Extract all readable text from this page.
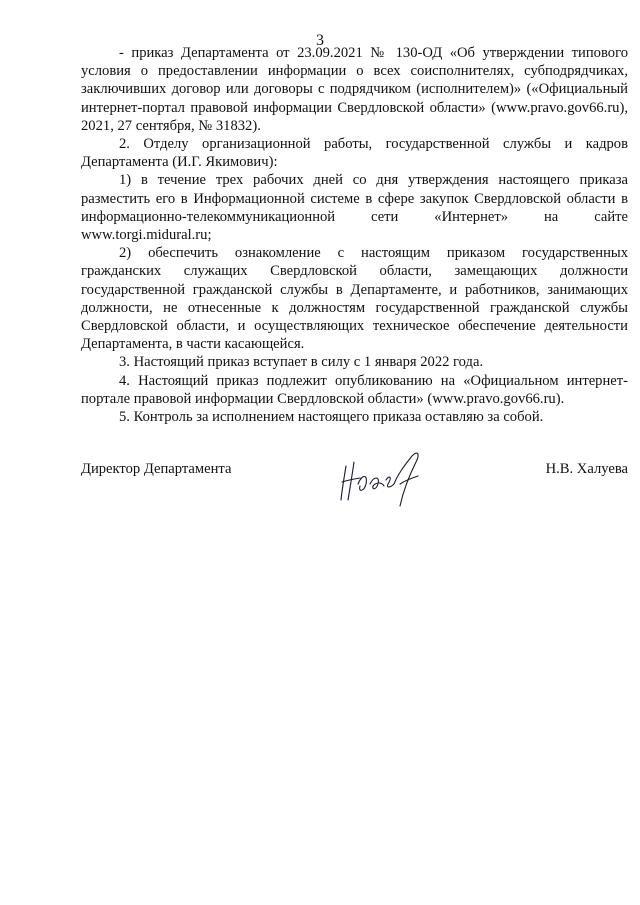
3

- приказ Департамента от 23.09.2021 № 130-ОД «Об утверждении типового условия о предоставлении информации о всех соисполнителях, субподрядчиках, заключивших договор или договоры с подрядчиком (исполнителем)» («Официальный интернет-портал правовой информации Свердловской области» (www.pravo.gov66.ru), 2021, 27 сентября, № 31832).

2. Отделу организационной работы, государственной службы и кадров Департамента (И.Г. Якимович):

1) в течение трех рабочих дней со дня утверждения настоящего приказа разместить его в Информационной системе в сфере закупок Свердловской области в информационно-телекоммуникационной сети «Интернет» на сайте www.torgi.midural.ru;

2) обеспечить ознакомление с настоящим приказом государственных гражданских служащих Свердловской области, замещающих должности государственной гражданской службы в Департаменте, и работников, занимающих должности, не отнесенные к должностям государственной гражданской службы Свердловской области, и осуществляющих техническое обеспечение деятельности Департамента, в части касающейся.

3. Настоящий приказ вступает в силу с 1 января 2022 года.

4. Настоящий приказ подлежит опубликованию на «Официальном интернет-портале правовой информации Свердловской области» (www.pravo.gov66.ru).

5. Контроль за исполнением настоящего приказа оставляю за собой.

Директор Департамента	Н.В. Халуева
